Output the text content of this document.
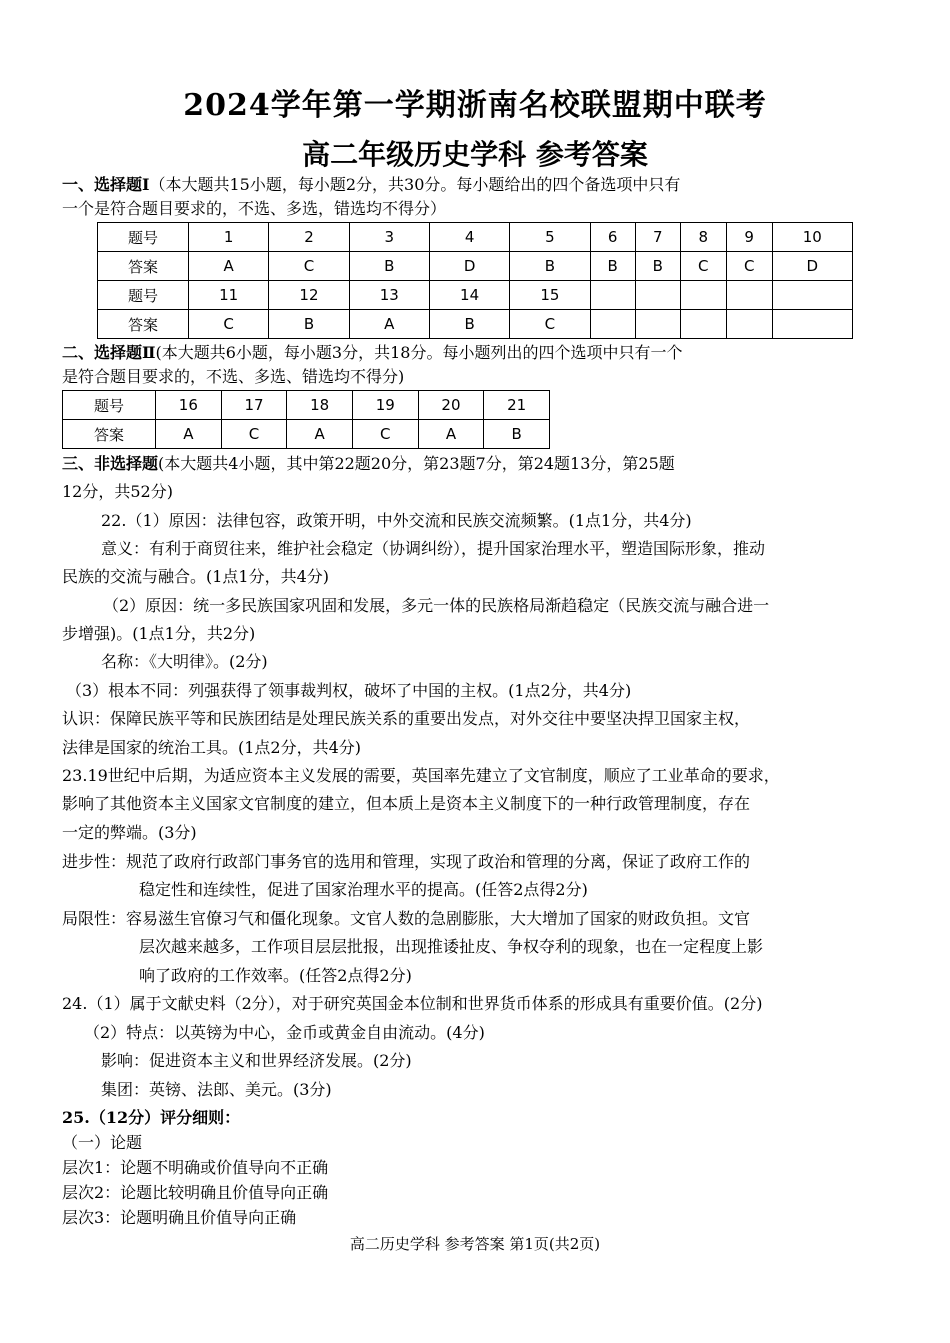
2024学年第一学期浙南名校联盟期中联考
高二年级历史学科 参考答案
一、选择题Ⅰ（本大题共15小题，每小题2分，共30分。每小题给出的四个备选项中只有
一个是符合题目要求的，不选、多选，错选均不得分）
题号	1	2	3	4	5	6	7	8	9	10
答案	A	C	B	D	B	B	B	C	C	D
题号	11	12	13	14	15					
答案	C	B	A	B	C					
二、选择题Ⅱ(本大题共6小题，每小题3分，共18分。每小题列出的四个选项中只有一个
是符合题目要求的，不选、多选、错选均不得分)
题号	16	17	18	19	20	21
答案	A	C	A	C	A	B
三、非选择题(本大题共4小题，其中第22题20分，第23题7分，第24题13分，第25题
12分，共52分)
22.（1）原因：法律包容，政策开明，中外交流和民族交流频繁。(1点1分，共4分)
意义：有利于商贸往来，维护社会稳定（协调纠纷），提升国家治理水平，塑造国际形象，推动
民族的交流与融合。(1点1分，共4分)
（2）原因：统一多民族国家巩固和发展，多元一体的民族格局渐趋稳定（民族交流与融合进一
步增强)。(1点1分，共2分)
名称：《大明律》。(2分)
（3）根本不同：列强获得了领事裁判权，破坏了中国的主权。(1点2分，共4分)
认识：保障民族平等和民族团结是处理民族关系的重要出发点，对外交往中要坚决捍卫国家主权，
法律是国家的统治工具。(1点2分，共4分)
23.19世纪中后期，为适应资本主义发展的需要，英国率先建立了文官制度，顺应了工业革命的要求，
影响了其他资本主义国家文官制度的建立，但本质上是资本主义制度下的一种行政管理制度，存在
一定的弊端。(3分)
进步性：规范了政府行政部门事务官的选用和管理，实现了政治和管理的分离，保证了政府工作的
稳定性和连续性，促进了国家治理水平的提高。(任答2点得2分)
局限性：容易滋生官僚习气和僵化现象。文官人数的急剧膨胀，大大增加了国家的财政负担。文官
层次越来越多，工作项目层层批报，出现推诿扯皮、争权夺利的现象，也在一定程度上影
响了政府的工作效率。(任答2点得2分)
24.（1）属于文献史料（2分），对于研究英国金本位制和世界货币体系的形成具有重要价值。(2分)
（2）特点：以英镑为中心，金币或黄金自由流动。(4分)
影响：促进资本主义和世界经济发展。(2分)
集团：英镑、法郎、美元。(3分)
25.（12分）评分细则：
（一）论题
层次1：论题不明确或价值导向不正确
层次2：论题比较明确且价值导向正确
层次3：论题明确且价值导向正确
高二历史学科 参考答案 第1页(共2页)
